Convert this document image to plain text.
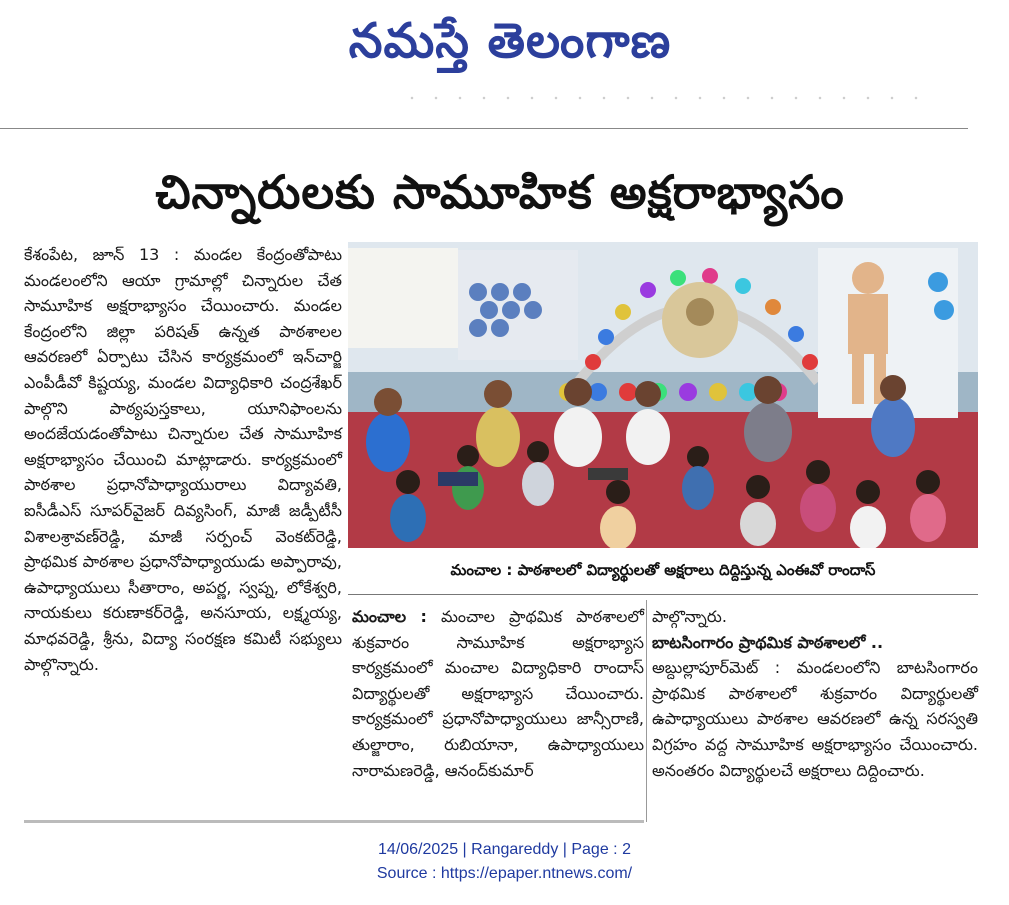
నమస్తే తెలంగాణ
చిన్నారులకు సామూహిక అక్షరాభ్యాసం

కేశంపేట, జూన్ 13 : మండల కేంద్రంతోపాటు మండలంలోని ఆయా గ్రామాల్లో చిన్నారుల చేత సామూహిక అక్షరాభ్యాసం చేయించారు. మండల కేంద్రంలోని జిల్లా పరిషత్ ఉన్నత పాఠశాలల ఆవరణలో ఏర్పాటు చేసిన కార్యక్రమంలో ఇన్‌చార్జి ఎంపీడీవో కిష్టయ్య, మండల విద్యాధికారి చంద్రశేఖర్ పాల్గొని పాఠ్యపుస్తకాలు, యూనిఫాంలను అందజేయడంతోపాటు చిన్నారుల చేత సామూహిక అక్షరాభ్యాసం చేయించి మాట్లాడారు. కార్యక్రమంలో పాఠశాల ప్రధానోపాధ్యాయురాలు విద్యావతి, ఐసీడీఎస్ సూపర్‌వైజర్ దివ్యసింగ్, మాజీ జడ్పీటీసీ విశాలశ్రావణ్‌రెడ్డి, మాజీ సర్పంచ్ వెంకట్‌రెడ్డి, ప్రాథమిక పాఠశాల ప్రధానోపాధ్యాయుడు అప్పారావు, ఉపాధ్యాయులు సీతారాం, అపర్ణ, స్వప్న, లోకేశ్వరి, నాయకులు కరుణాకర్‌రెడ్డి, అనసూయ, లక్ష్మయ్య, మాధవరెడ్డి, శ్రీను, విద్యా సంరక్షణ కమిటీ సభ్యులు పాల్గొన్నారు.

మంచాల : పాఠశాలలో విద్యార్థులతో అక్షరాలు దిద్దిస్తున్న ఎంఈవో రాందాస్

మంచాల : మంచాల ప్రాథమిక పాఠశాలలో శుక్రవారం సామూహిక అక్షరాభ్యాస కార్యక్రమంలో మంచాల విద్యాధికారి రాందాస్ విద్యార్థులతో అక్షరాభ్యాస చేయించారు. కార్యక్రమంలో ప్రధానోపాధ్యాయులు జాన్సీరాణి, తుల్జారాం, రుబియానా, ఉపాధ్యాయులు నారామణరెడ్డి, ఆనంద్‌కుమార్

పాల్గొన్నారు.

బాటసింగారం ప్రాథమిక పాఠశాలలో ..

అబ్దుల్లాపూర్‌మెట్ : మండలంలోని బాటసింగారం ప్రాథమిక పాఠశాలలో శుక్రవారం విద్యార్థులతో ఉపాధ్యాయులు పాఠశాల ఆవరణలో ఉన్న సరస్వతి విగ్రహం వద్ద సామూహిక అక్షరాభ్యాసం చేయించారు. అనంతరం విద్యార్థులచే అక్షరాలు దిద్దించారు.

14/06/2025 | Rangareddy | Page : 2
Source : https://epaper.ntnews.com/
